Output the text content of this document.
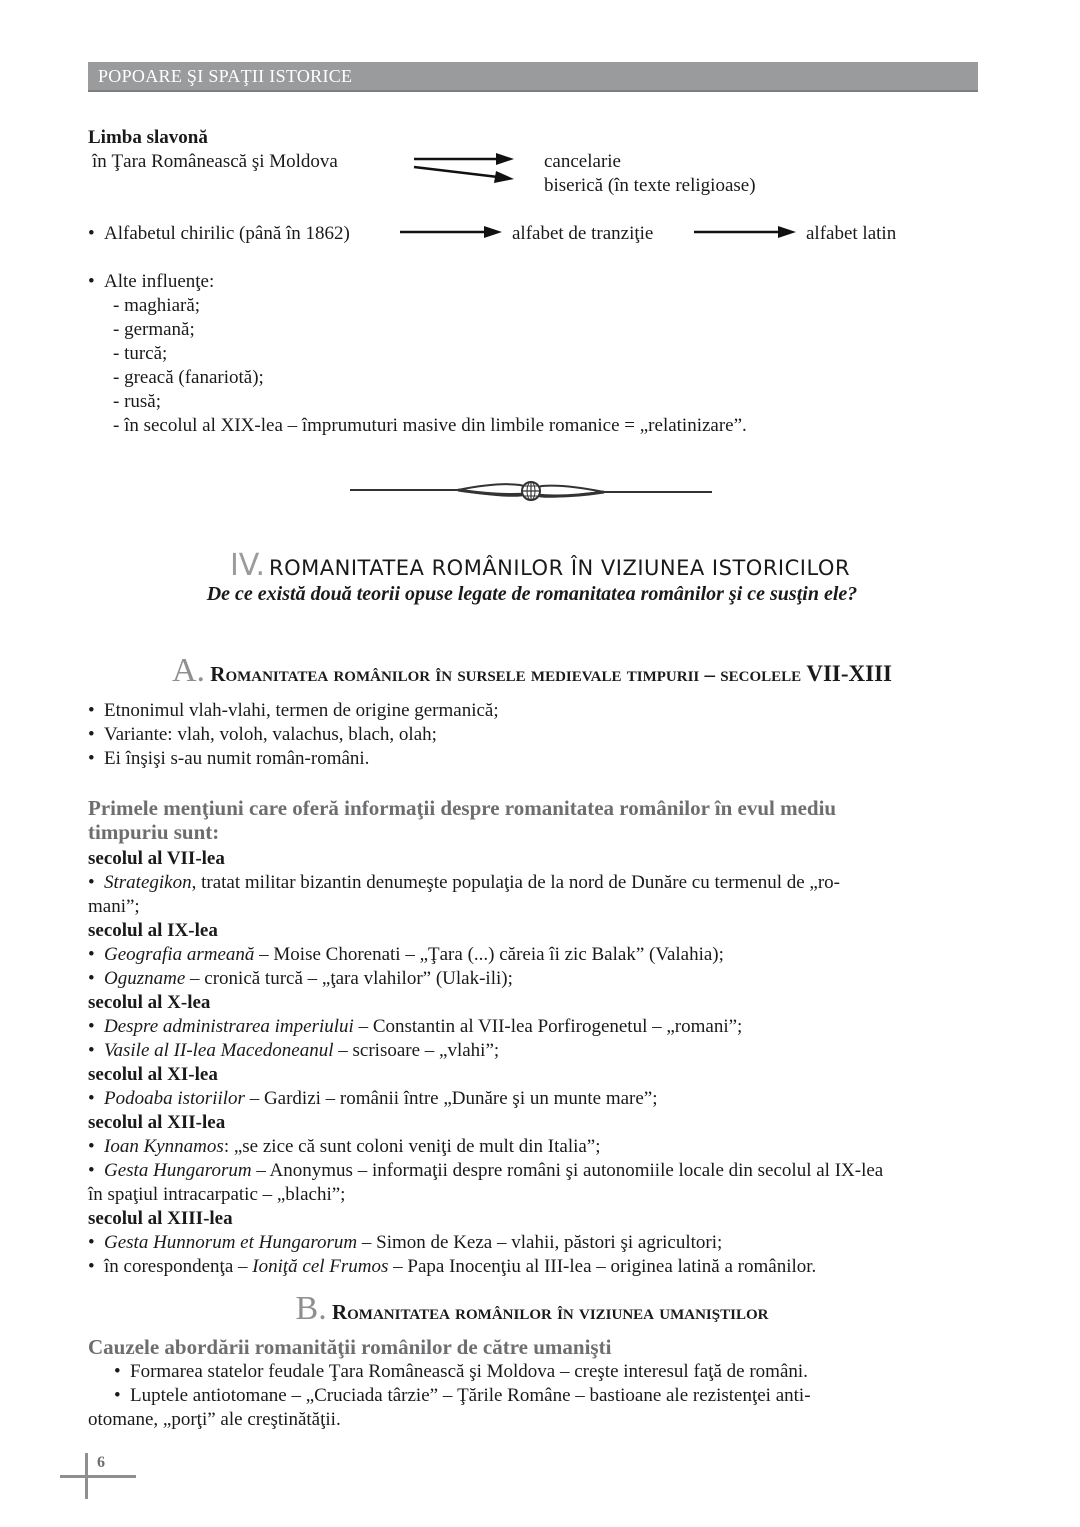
POPOARE ŞI SPAŢII ISTORICE
Limba slavonă
în Ţara Românească şi Moldova	cancelarie
biserică (în texte religioase)
• Alfabetul chirilic (până în 1862)	alfabet de tranziţie	alfabet latin
• Alte influenţe:
- maghiară;
- germană;
- turcă;
- greacă (fanariotă);
- rusă;
- în secolul al XIX-lea – împrumuturi masive din limbile romanice = „relatinizare”.
IV. ROMANITATEA ROMÂNILOR ÎN VIZIUNEA ISTORICILOR
De ce există două teorii opuse legate de romanitatea românilor şi ce susţin ele?
A. Romanitatea românilor în sursele medievale timpurii – secolele VII-XIII
• Etnonimul vlah-vlahi, termen de origine germanică;
• Variante: vlah, voloh, valachus, blach, olah;
• Ei înşişi s-au numit român-români.
Primele menţiuni care oferă informaţii despre romanitatea românilor în evul mediu
timpuriu sunt:
secolul al VII-lea
• Strategikon, tratat militar bizantin denumeşte populaţia de la nord de Dunăre cu termenul de „ro-
mani”;
secolul al IX-lea
• Geografia armeană – Moise Chorenati – „Ţara (...) căreia îi zic Balak” (Valahia);
• Oguzname – cronică turcă – „ţara vlahilor” (Ulak-ili);
secolul al X-lea
• Despre administrarea imperiului – Constantin al VII-lea Porfirogenetul – „romani”;
• Vasile al II-lea Macedoneanul – scrisoare – „vlahi”;
secolul al XI-lea
• Podoaba istoriilor – Gardizi – românii între „Dunăre şi un munte mare”;
secolul al XII-lea
• Ioan Kynnamos: „se zice că sunt coloni veniţi de mult din Italia”;
• Gesta Hungarorum – Anonymus – informaţii despre români şi autonomiile locale din secolul al IX-lea
în spaţiul intracarpatic – „blachi”;
secolul al XIII-lea
• Gesta Hunnorum et Hungarorum – Simon de Keza – vlahii, păstori şi agricultori;
• în corespondenţa – Ioniţă cel Frumos – Papa Inocenţiu al III-lea – originea latină a românilor.
B. Romanitatea românilor în viziunea umaniştilor
Cauzele abordării romanităţii românilor de către umanişti
• Formarea statelor feudale Ţara Românească şi Moldova – creşte interesul faţă de români.
• Luptele antiotomane – „Cruciada târzie” – Ţările Române – bastioane ale rezistenţei anti-
otomane, „porţi” ale creştinătăţii.
6
